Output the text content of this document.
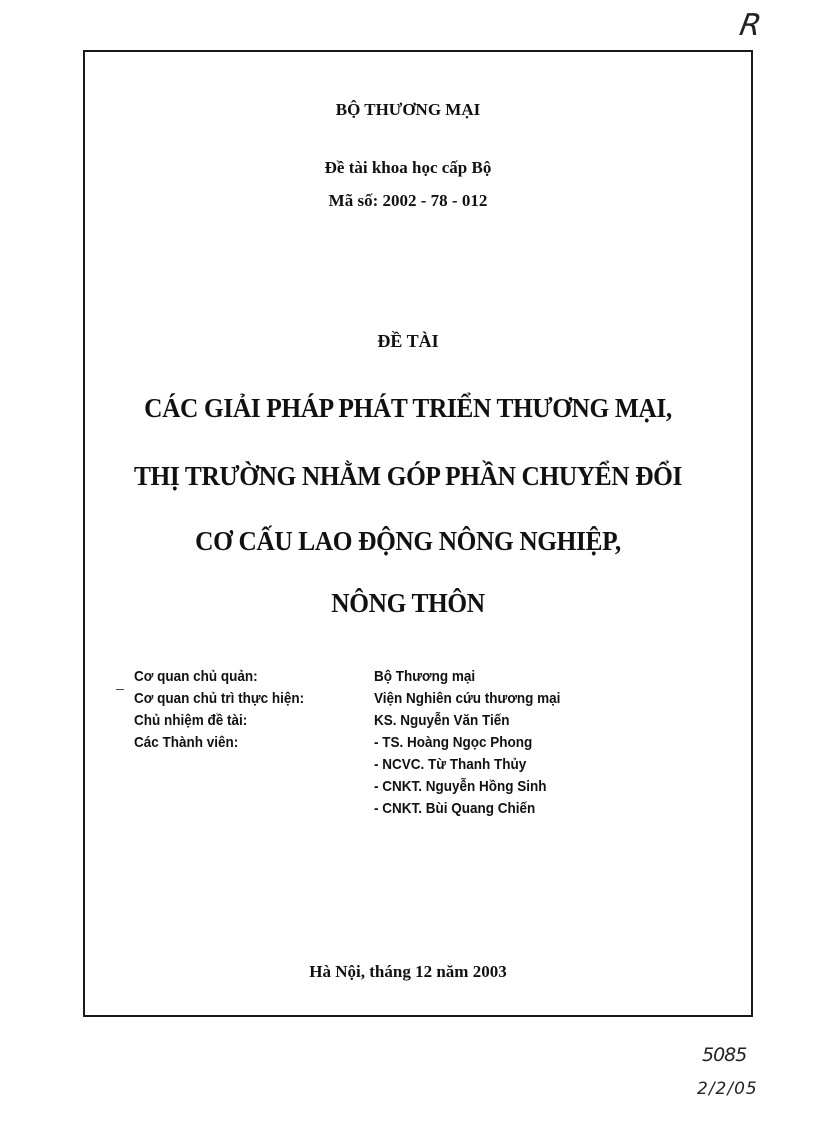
BỘ THƯƠNG MẠI
Đề tài khoa học cấp Bộ
Mã số: 2002 - 78 - 012
ĐỀ TÀI
CÁC GIẢI PHÁP PHÁT TRIỂN THƯƠNG MẠI,
THỊ TRƯỜNG NHẰM GÓP PHẦN CHUYỂN ĐỔI
CƠ CẤU LAO ĐỘNG NÔNG NGHIỆP,
NÔNG THÔN
Cơ quan chủ quản:
Cơ quan chủ trì thực hiện:
Chủ nhiệm đề tài:
Các Thành viên:
Bộ Thương mại
Viện Nghiên cứu thương mại
KS. Nguyễn Văn Tiến
- TS. Hoàng Ngọc Phong
- NCVC. Từ Thanh Thủy
- CNKT. Nguyễn Hồng Sinh
- CNKT. Bùi Quang Chiến
Hà Nội, tháng 12 năm 2003
R
5085
2/2/05
